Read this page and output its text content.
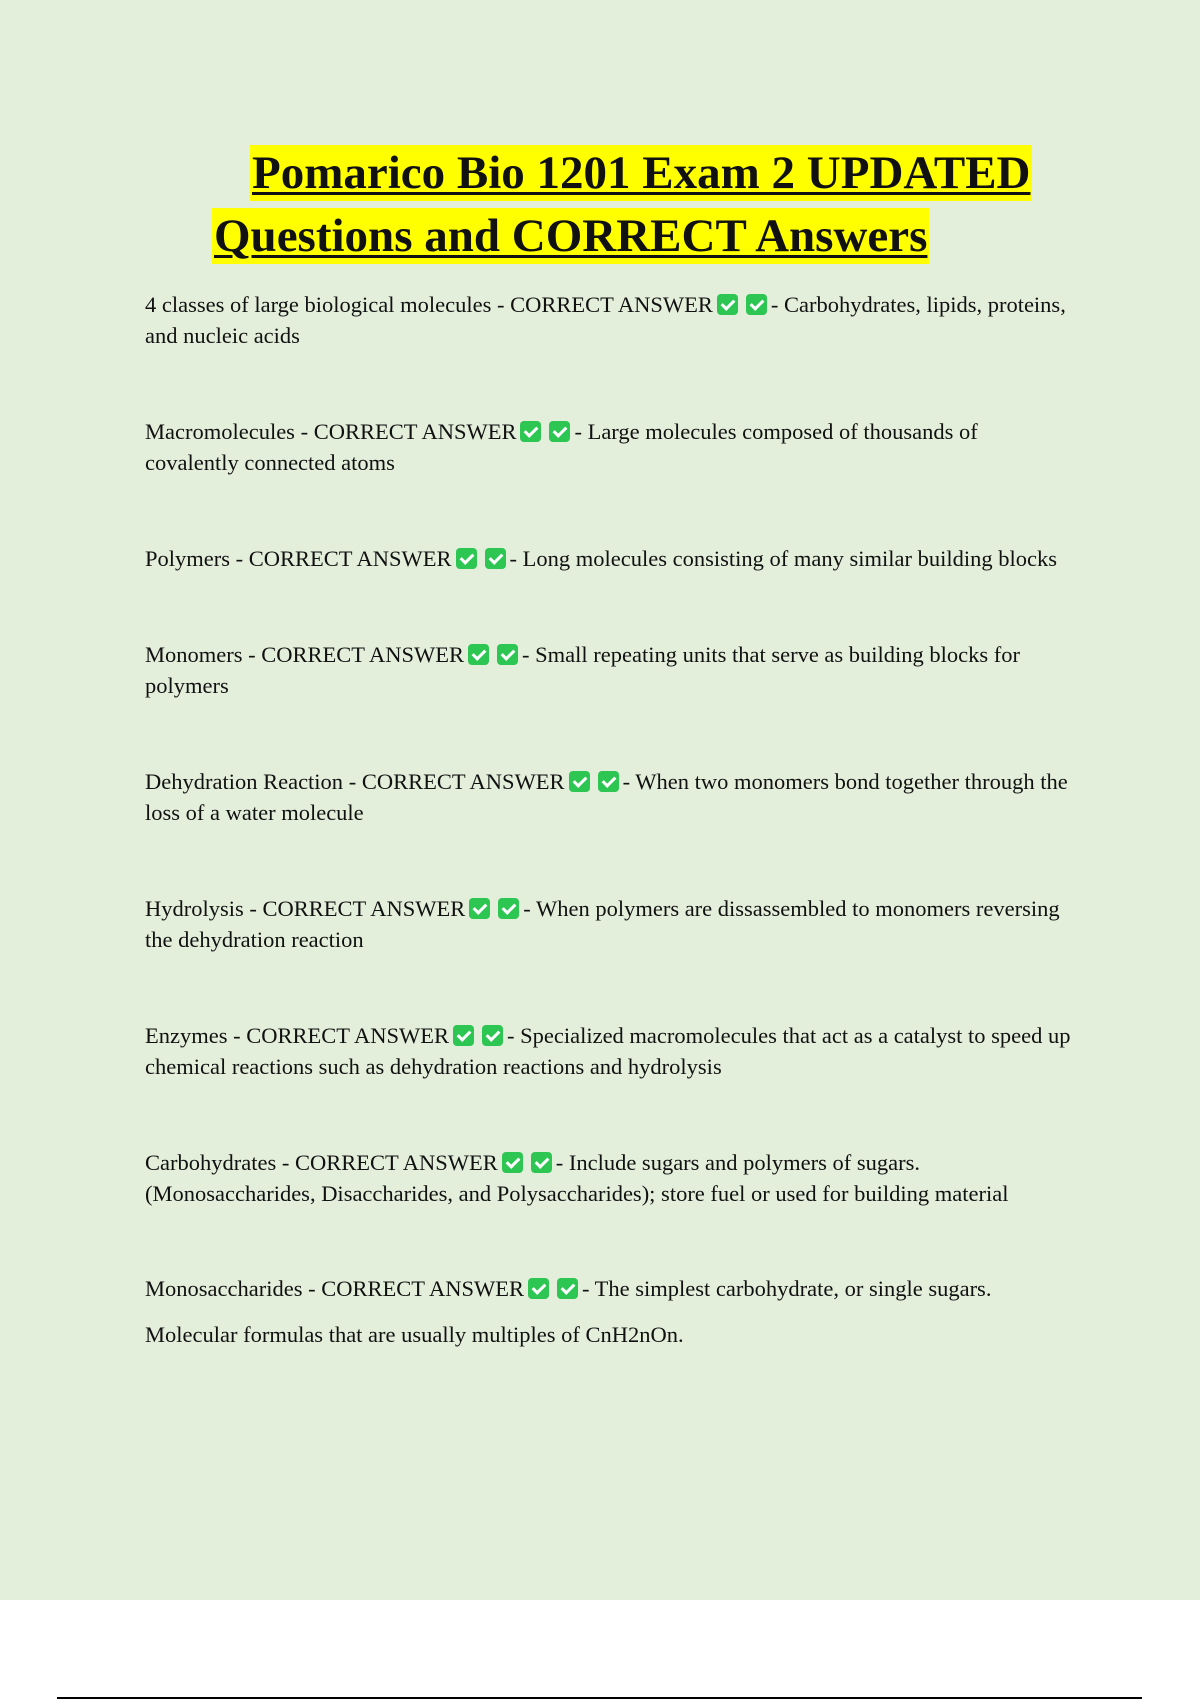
Pomarico Bio 1201 Exam 2 UPDATED
Questions and CORRECT Answers

4 classes of large biological molecules - CORRECT ANSWER	- Carbohydrates, lipids, proteins, and nucleic acids

Macromolecules - CORRECT ANSWER	- Large molecules composed of thousands of covalently connected atoms

Polymers - CORRECT ANSWER	- Long molecules consisting of many similar building blocks

Monomers - CORRECT ANSWER	- Small repeating units that serve as building blocks for polymers

Dehydration Reaction - CORRECT ANSWER	- When two monomers bond together through the loss of a water molecule

Hydrolysis - CORRECT ANSWER	- When polymers are dissassembled to monomers reversing the dehydration reaction

Enzymes - CORRECT ANSWER	- Specialized macromolecules that act as a catalyst to speed up chemical reactions such as dehydration reactions and hydrolysis

Carbohydrates - CORRECT ANSWER	- Include sugars and polymers of sugars. (Monosaccharides, Disaccharides, and Polysaccharides); store fuel or used for building material

Monosaccharides - CORRECT ANSWER	- The simplest carbohydrate, or single sugars. Molecular formulas that are usually multiples of CnH2nOn.
